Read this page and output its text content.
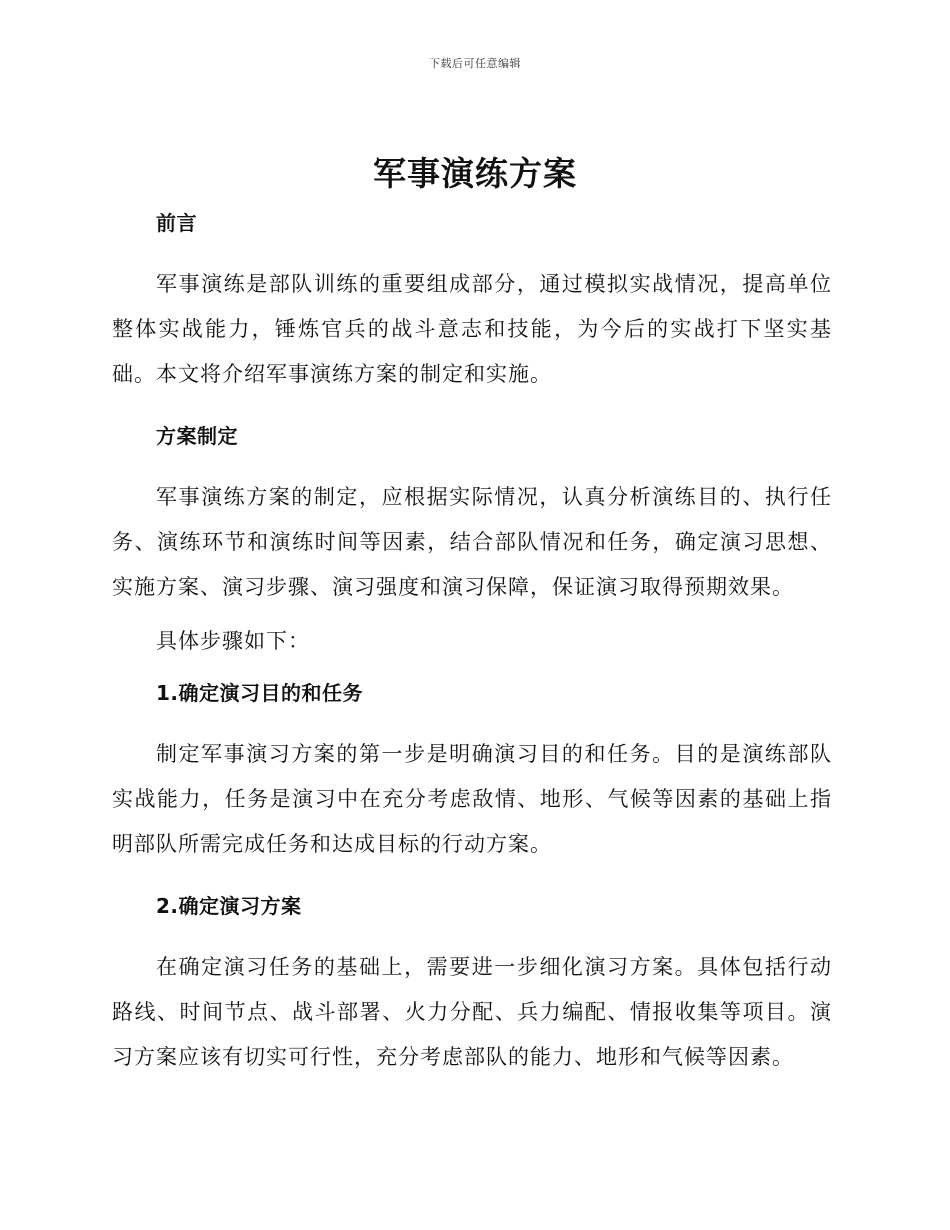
下载后可任意编辑
军事演练方案
前言

军事演练是部队训练的重要组成部分，通过模拟实战情况，提高单位整体实战能力，锤炼官兵的战斗意志和技能，为今后的实战打下坚实基础。本文将介绍军事演练方案的制定和实施。

方案制定

军事演练方案的制定，应根据实际情况，认真分析演练目的、执行任务、演练环节和演练时间等因素，结合部队情况和任务，确定演习思想、实施方案、演习步骤、演习强度和演习保障，保证演习取得预期效果。

具体步骤如下：

1.确定演习目的和任务

制定军事演习方案的第一步是明确演习目的和任务。目的是演练部队实战能力，任务是演习中在充分考虑敌情、地形、气候等因素的基础上指明部队所需完成任务和达成目标的行动方案。

2.确定演习方案

在确定演习任务的基础上，需要进一步细化演习方案。具体包括行动路线、时间节点、战斗部署、火力分配、兵力编配、情报收集等项目。演习方案应该有切实可行性，充分考虑部队的能力、地形和气候等因素。
